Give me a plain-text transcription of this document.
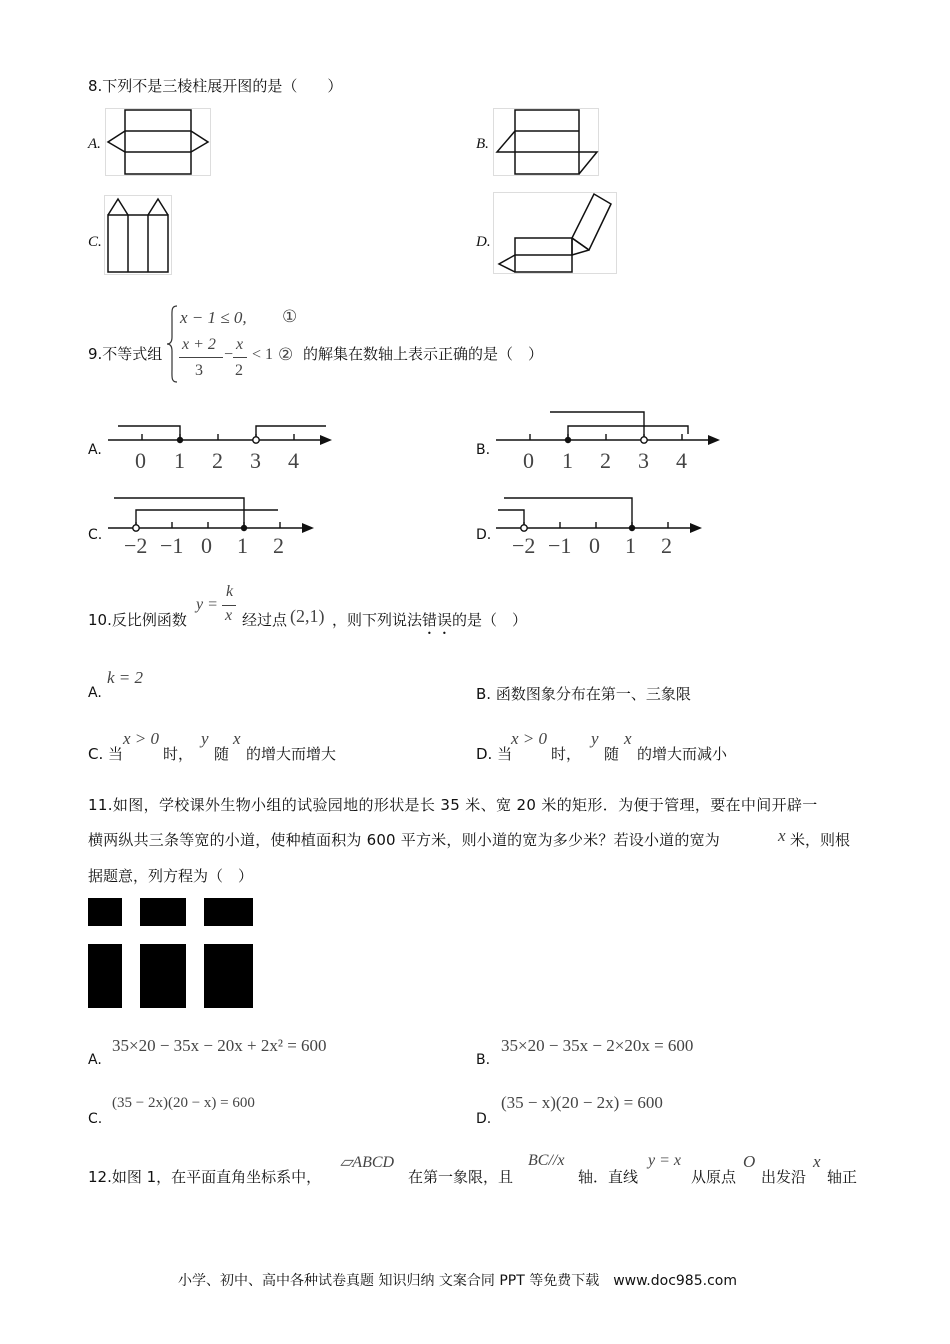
8.下列不是三棱柱展开图的是（　　）
A.	B.
C.	D.
9.不等式组
x − 1 ≤ 0, ①
x + 2
3
−
x
2
< 1 ② 的解集在数轴上表示正确的是（　）
A. 0 1 2 3 4	B. 0 1 2 3 4
C. −2 −1 0 1 2	D. −2 −1 0 1 2
10.反比例函数
y =
k
x 经过点 (2,1) ，则下列说法 错误 的是（　）
A.
k = 2
B. 函数图象分布在第一、三象限
C. 当
x > 0
时，
y
随
x
的增大而增大	D. 当
x > 0
时，
y
随
x
的增大而减小
11.如图，学校课外生物小组的试验园地的形状是长 35 米、宽 20 米的矩形．为便于管理，要在中间开辟一
横两纵共三条等宽的小道，使种植面积为 600 平方米，则小道的宽为多少米？若设小道的宽为	x 米，则根
据题意，列方程为（　）
A.
35×20 − 35x − 20x + 2x² = 600
B.
35×20 − 35x − 2×20x = 600
C.
(35 − 2x)(20 − x) = 600
D.
(35 − x)(20 − 2x) = 600
12.如图 1，在平面直角坐标系中，
▱ABCD
在第一象限，且
BC//x
轴．直线
y = x
从原点
O
出发沿
x
轴正
小学、初中、高中各种试卷真题 知识归纳 文案合同 PPT 等免费下载　www.doc985.com
